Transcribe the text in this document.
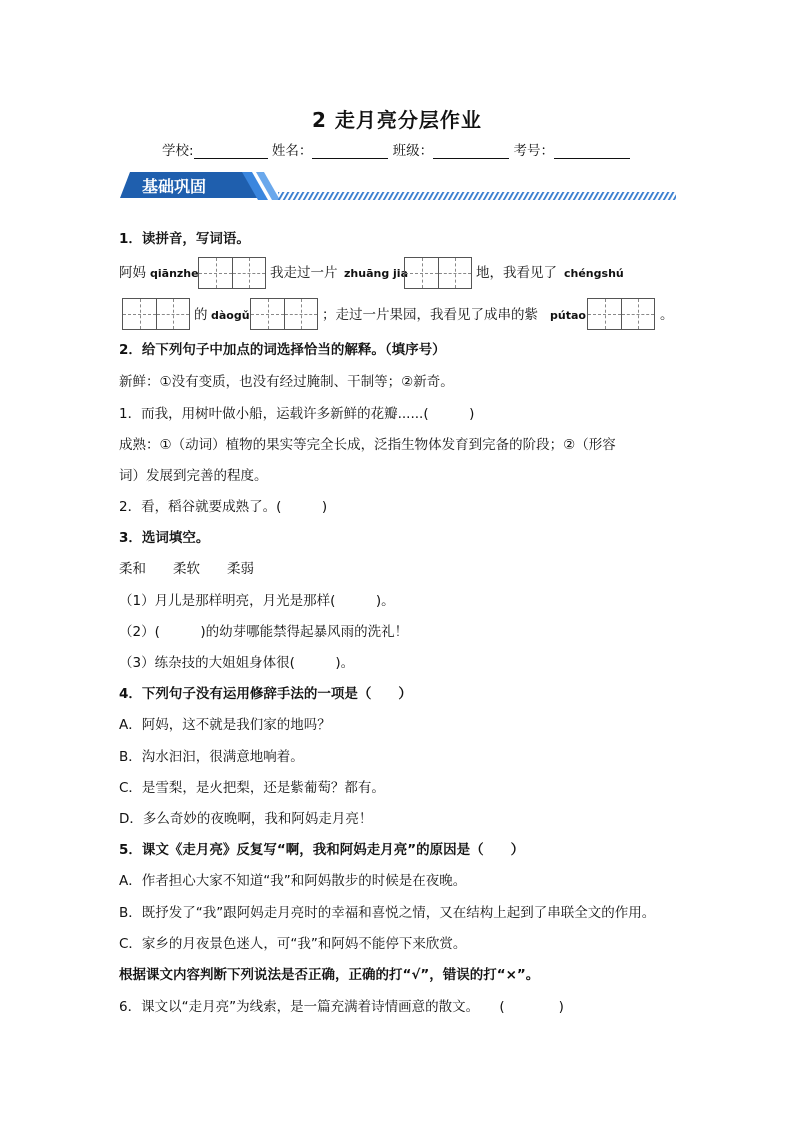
2 走月亮分层作业
学校:	姓名：	班级：	考号：
基础巩固
1．读拼音，写词语。
阿妈 qiānzhe	我走过一片 zhuāng jia	地，我看见了 chéngshú
的 dàogǔ	；走过一片果园，我看见了成串的紫 pútao	。
2．给下列句子中加点的词选择恰当的解释。（填序号）
新鲜：①没有变质，也没有经过腌制、干制等；②新奇。
1．而我，用树叶做小船，运载许多新鲜的花瓣......(　　　)
成熟：①（动词）植物的果实等完全长成，泛指生物体发育到完备的阶段；②（形容
词）发展到完善的程度。
2．看，稻谷就要成熟了。(　　　)
3．选词填空。
柔和　　柔软　　柔弱
（1）月儿是那样明亮，月光是那样(　　　)。
（2）(　　　)的幼芽哪能禁得起暴风雨的洗礼！
（3）练杂技的大姐姐身体很(　　　)。
4．下列句子没有运用修辞手法的一项是（　　）
A．阿妈，这不就是我们家的地吗？
B．沟水汩汩，很满意地响着。
C．是雪梨，是火把梨，还是紫葡萄？都有。
D．多么奇妙的夜晚啊，我和阿妈走月亮！
5．课文《走月亮》反复写“啊，我和阿妈走月亮”的原因是（　　）
A．作者担心大家不知道“我”和阿妈散步的时候是在夜晚。
B．既抒发了“我”跟阿妈走月亮时的幸福和喜悦之情，又在结构上起到了串联全文的作用。
C．家乡的月夜景色迷人，可“我”和阿妈不能停下来欣赏。
根据课文内容判断下列说法是否正确，正确的打“√”，错误的打“×”。
6．课文以“走月亮”为线索，是一篇充满着诗情画意的散文。　　(　　　　)
